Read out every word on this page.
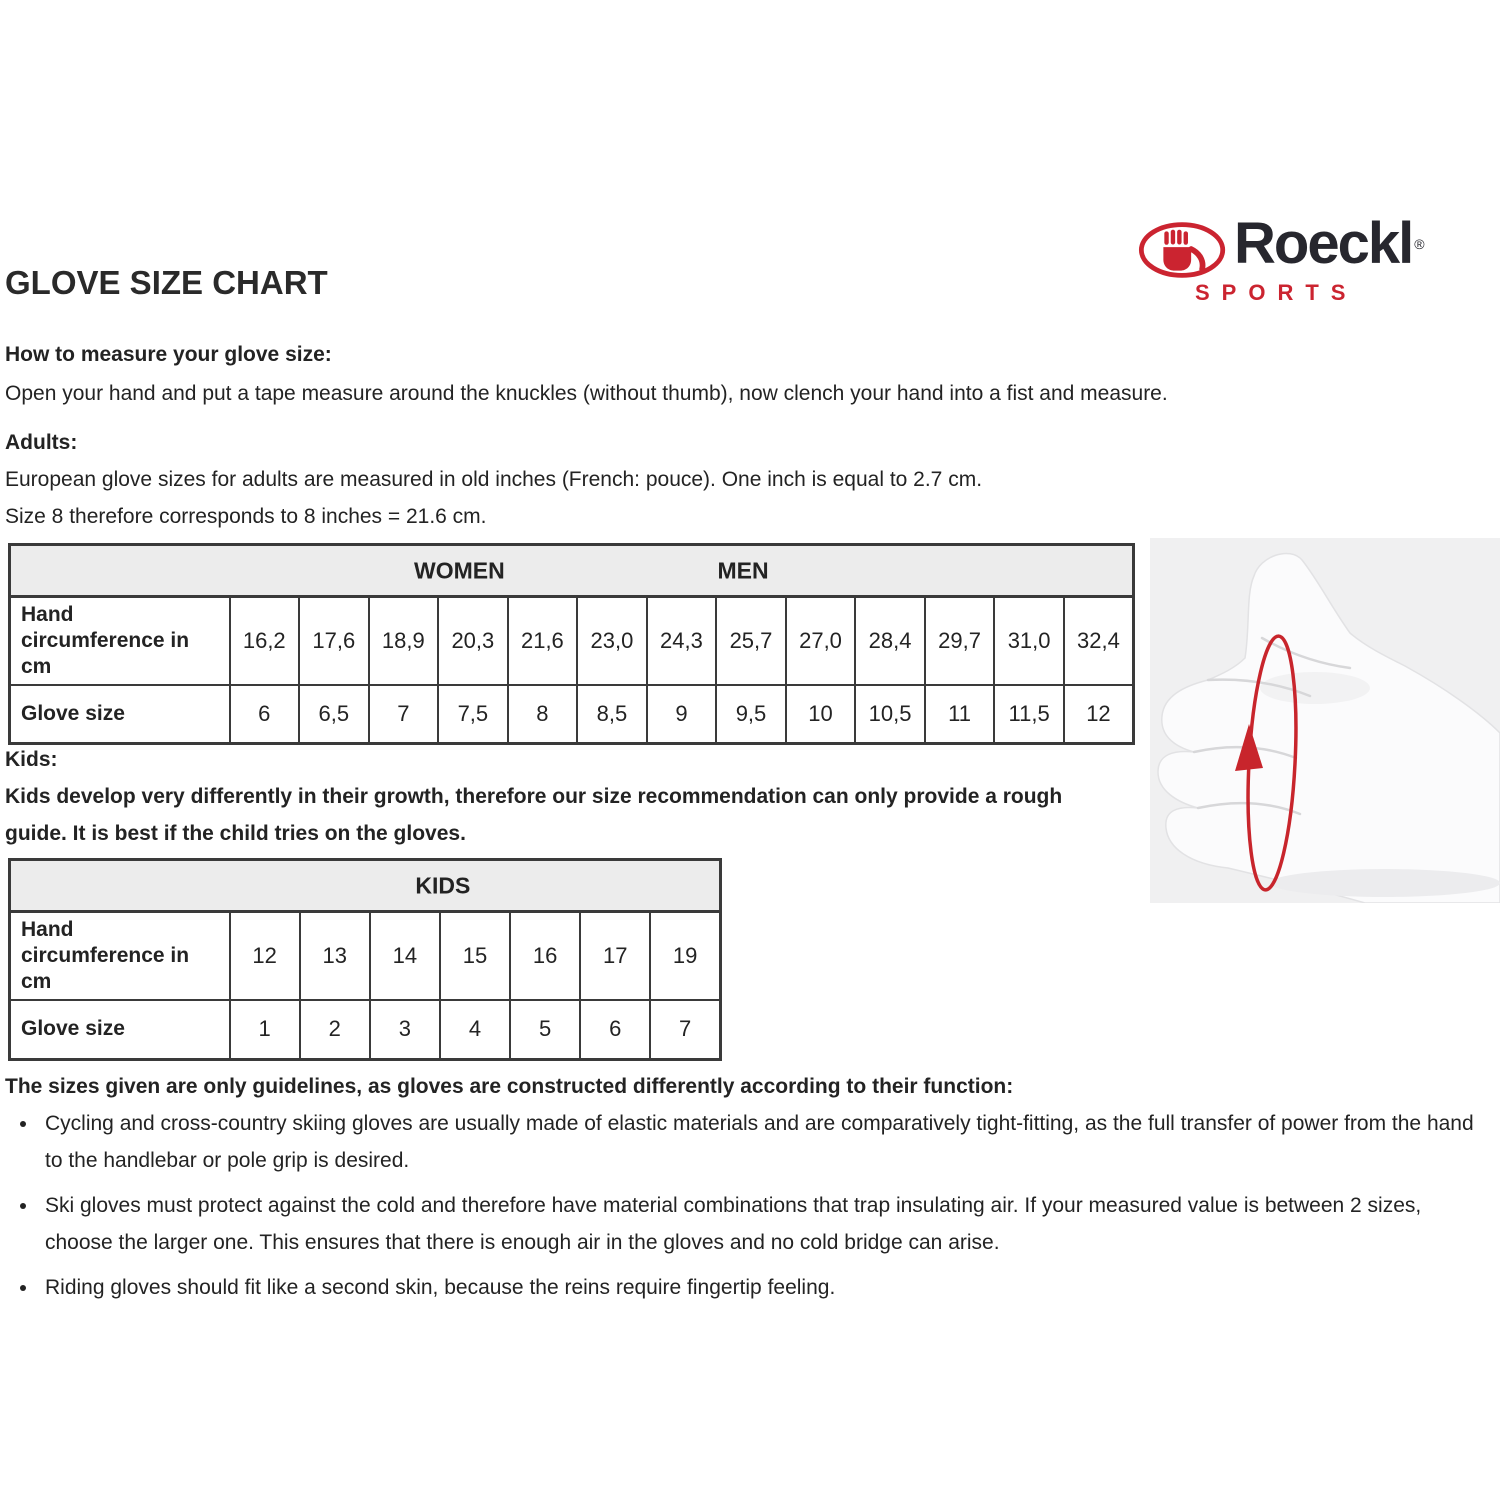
GLOVE SIZE CHART
Roeckl ®
SPORTS

How to measure your glove size:

Open your hand and put a tape measure around the knuckles (without thumb), now clench your hand into a fist and measure.

Adults:

European glove sizes for adults are measured in old inches (French: pouce). One inch is equal to 2.7 cm.

Size 8 therefore corresponds to 8 inches = 21.6 cm.

WOMEN MEN													

Hand circumference in cm	16,2	17,6	18,9	20,3	21,6	23,0	24,3	25,7	27,0	28,4	29,7	31,0	32,4
Glove size	6	6,5	7	7,5	8	8,5	9	9,5	10	10,5	11	11,5	12

Kids:

Kids develop very differently in their growth, therefore our size recommendation can only provide a rough guide. It is best if the child tries on the gloves.

KIDS							

Hand circumference in cm	12	13	14	15	16	17	19
Glove size	1	2	3	4	5	6	7

The sizes given are only guidelines, as gloves are constructed differently according to their function:

• Cycling and cross-country skiing gloves are usually made of elastic materials and are comparatively tight-fitting, as the full transfer of power from the hand to the handlebar or pole grip is desired.
• Ski gloves must protect against the cold and therefore have material combinations that trap insulating air. If your measured value is between 2 sizes, choose the larger one. This ensures that there is enough air in the gloves and no cold bridge can arise.
• Riding gloves should fit like a second skin, because the reins require fingertip feeling.
